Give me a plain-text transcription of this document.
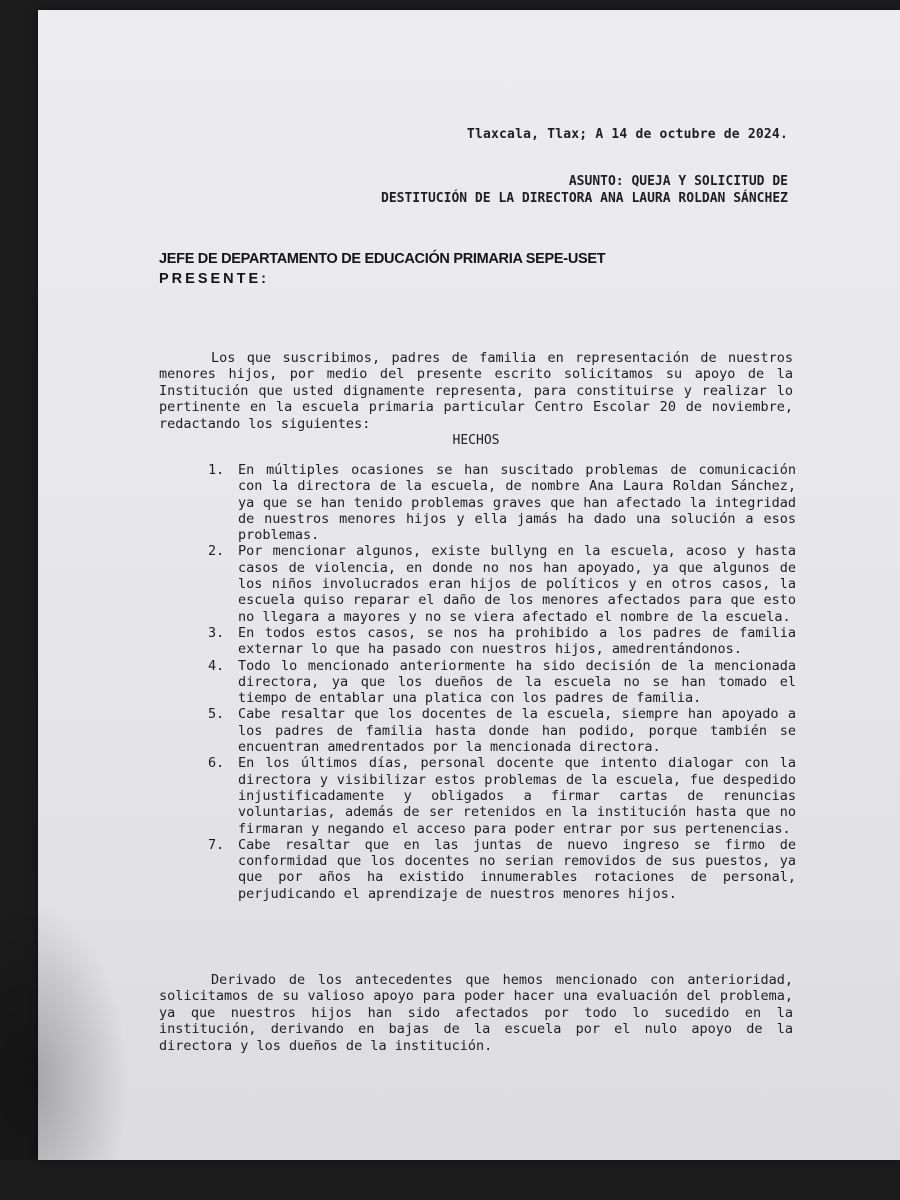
Tlaxcala, Tlax; A 14 de octubre de 2024.
ASUNTO: QUEJA Y SOLICITUD DE
DESTITUCIÓN DE LA DIRECTORA ANA LAURA ROLDAN SÁNCHEZ
JEFE DE DEPARTAMENTO DE EDUCACIÓN PRIMARIA SEPE-USET
PRESENTE:

Los que suscribimos, padres de familia en representación de nuestros menores hijos, por medio del presente escrito solicitamos su apoyo de la Institución que usted dignamente representa, para constituirse y realizar lo pertinente en la escuela primaria particular Centro Escolar 20 de noviembre, redactando los siguientes:

HECHOS
1. En múltiples ocasiones se han suscitado problemas de comunicación con la directora de la escuela, de nombre Ana Laura Roldan Sánchez, ya que se han tenido problemas graves que han afectado la integridad de nuestros menores hijos y ella jamás ha dado una solución a esos problemas.
2. Por mencionar algunos, existe bullyng en la escuela, acoso y hasta casos de violencia, en donde no nos han apoyado, ya que algunos de los niños involucrados eran hijos de políticos y en otros casos, la escuela quiso reparar el daño de los menores afectados para que esto no llegara a mayores y no se viera afectado el nombre de la escuela.
3. En todos estos casos, se nos ha prohibido a los padres de familia externar lo que ha pasado con nuestros hijos, amedrentándonos.
4. Todo lo mencionado anteriormente ha sido decisión de la mencionada directora, ya que los dueños de la escuela no se han tomado el tiempo de entablar una platica con los padres de familia.
5. Cabe resaltar que los docentes de la escuela, siempre han apoyado a los padres de familia hasta donde han podido, porque también se encuentran amedrentados por la mencionada directora.
6. En los últimos días, personal docente que intento dialogar con la directora y visibilizar estos problemas de la escuela, fue despedido injustificadamente y obligados a firmar cartas de renuncias voluntarias, además de ser retenidos en la institución hasta que no firmaran y negando el acceso para poder entrar por sus pertenencias.
7. Cabe resaltar que en las juntas de nuevo ingreso se firmo de conformidad que los docentes no serian removidos de sus puestos, ya que por años ha existido innumerables rotaciones de personal, perjudicando el aprendizaje de nuestros menores hijos.

Derivado de los antecedentes que hemos mencionado con anterioridad, solicitamos de su valioso apoyo para poder hacer una evaluación del problema, ya que nuestros hijos han sido afectados por todo lo sucedido en la institución, derivando en bajas de la escuela por el nulo apoyo de la directora y los dueños de la institución.
